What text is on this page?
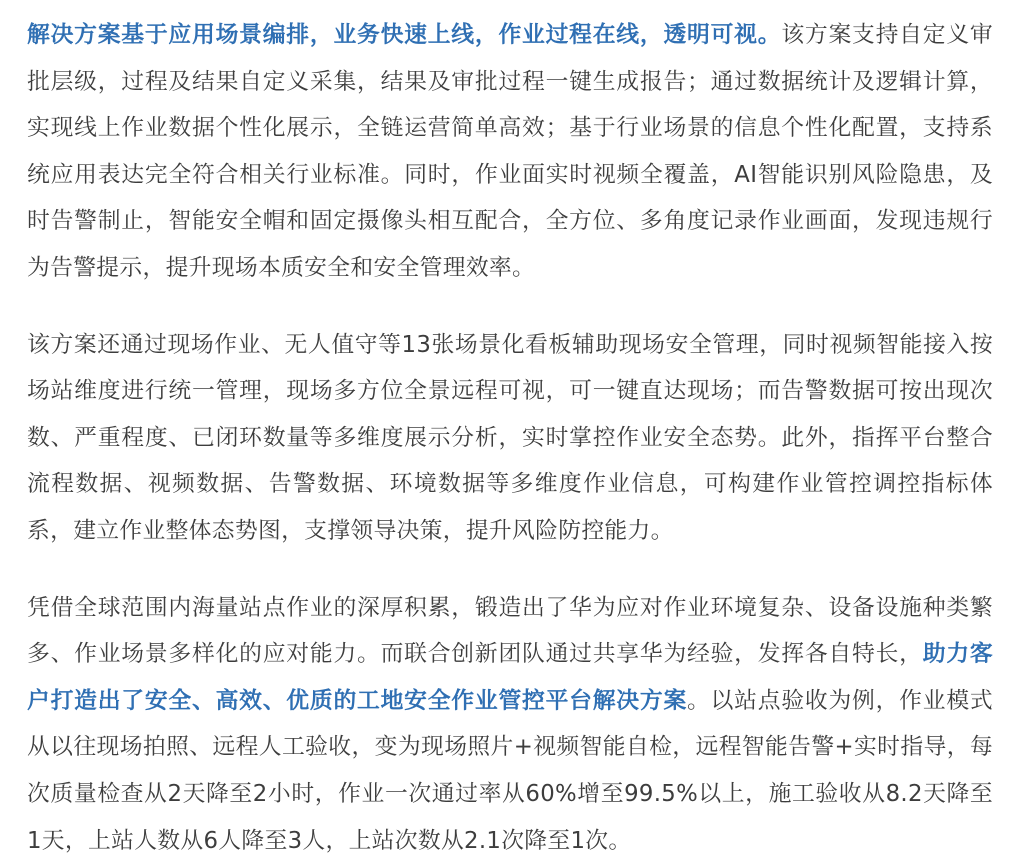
解决方案基于应用场景编排，业务快速上线，作业过程在线，透明可视。该方案支持自定义审批层级，过程及结果自定义采集，结果及审批过程一键生成报告；通过数据统计及逻辑计算，实现线上作业数据个性化展示，全链运营简单高效；基于行业场景的信息个性化配置，支持系统应用表达完全符合相关行业标准。同时，作业面实时视频全覆盖，AI智能识别风险隐患，及时告警制止，智能安全帽和固定摄像头相互配合，全方位、多角度记录作业画面，发现违规行为告警提示，提升现场本质安全和安全管理效率。

该方案还通过现场作业、无人值守等13张场景化看板辅助现场安全管理，同时视频智能接入按场站维度进行统一管理，现场多方位全景远程可视，可一键直达现场；而告警数据可按出现次数、严重程度、已闭环数量等多维度展示分析，实时掌控作业安全态势。此外，指挥平台整合流程数据、视频数据、告警数据、环境数据等多维度作业信息，可构建作业管控调控指标体系，建立作业整体态势图，支撑领导决策，提升风险防控能力。

凭借全球范围内海量站点作业的深厚积累，锻造出了华为应对作业环境复杂、设备设施种类繁多、作业场景多样化的应对能力。而联合创新团队通过共享华为经验，发挥各自特长，助力客户打造出了安全、高效、优质的工地安全作业管控平台解决方案。以站点验收为例，作业模式从以往现场拍照、远程人工验收，变为现场照片+视频智能自检，远程智能告警+实时指导，每次质量检查从2天降至2小时，作业一次通过率从60%增至99.5%以上，施工验收从8.2天降至1天，上站人数从6人降至3人，上站次数从2.1次降至1次。
